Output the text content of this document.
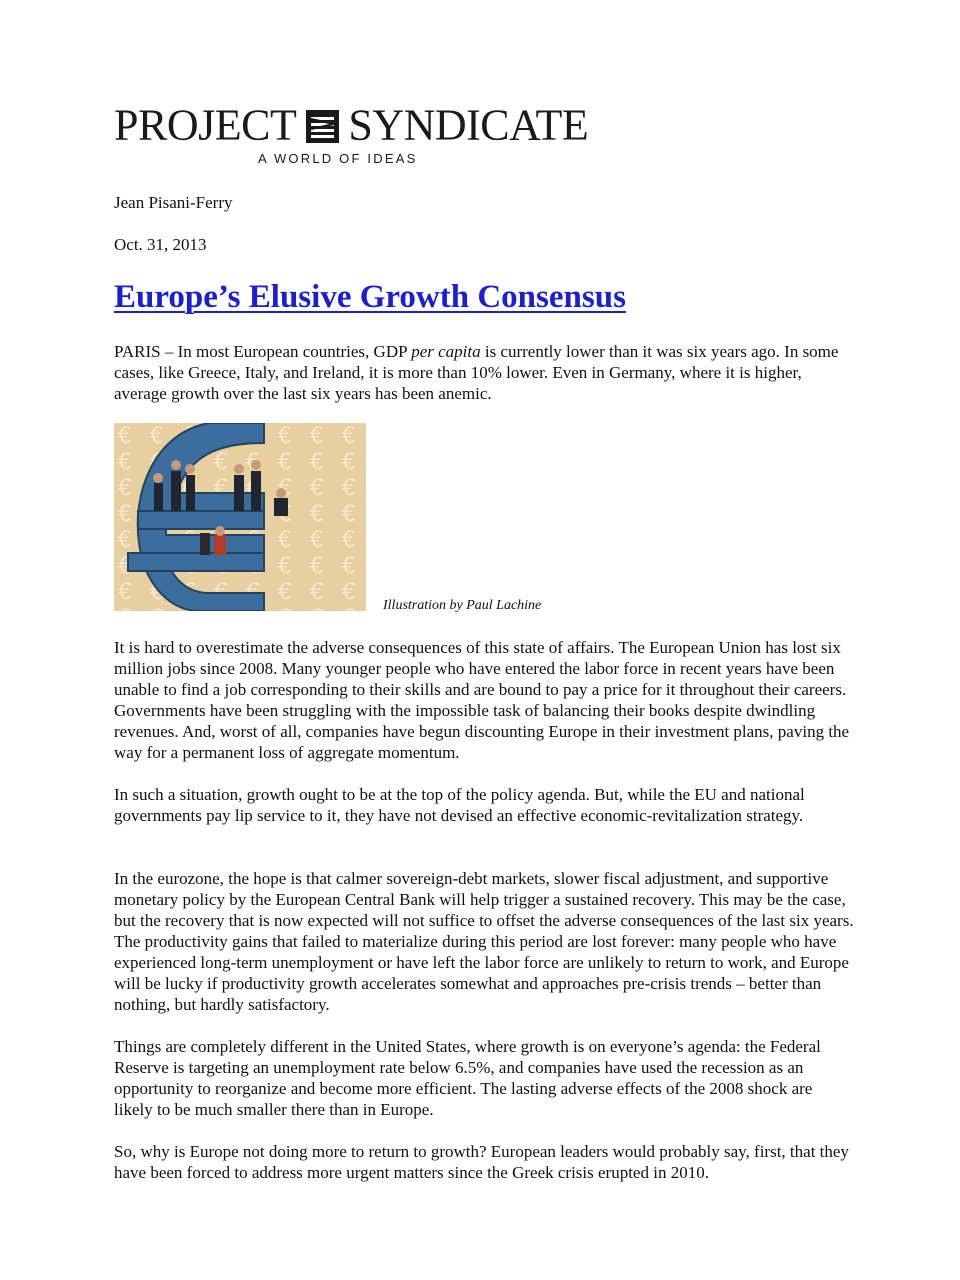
PROJECT SYNDICATE
A WORLD OF IDEAS
Jean Pisani-Ferry
Oct. 31, 2013
Europe’s Elusive Growth Consensus

PARIS – In most European countries, GDP per capita is currently lower than it was six years ago. In some cases, like Greece, Italy, and Ireland, it is more than 10% lower. Even in Germany, where it is higher, average growth over the last six years has been anemic.

Illustration by Paul Lachine

It is hard to overestimate the adverse consequences of this state of affairs. The European Union has lost six million jobs since 2008. Many younger people who have entered the labor force in recent years have been unable to find a job corresponding to their skills and are bound to pay a price for it throughout their careers. Governments have been struggling with the impossible task of balancing their books despite dwindling revenues. And, worst of all, companies have begun discounting Europe in their investment plans, paving the way for a permanent loss of aggregate momentum.

In such a situation, growth ought to be at the top of the policy agenda. But, while the EU and national governments pay lip service to it, they have not devised an effective economic-revitalization strategy.

In the eurozone, the hope is that calmer sovereign-debt markets, slower fiscal adjustment, and supportive monetary policy by the European Central Bank will help trigger a sustained recovery. This may be the case, but the recovery that is now expected will not suffice to offset the adverse consequences of the last six years. The productivity gains that failed to materialize during this period are lost forever: many people who have experienced long-term unemployment or have left the labor force are unlikely to return to work, and Europe will be lucky if productivity growth accelerates somewhat and approaches pre-crisis trends – better than nothing, but hardly satisfactory.

Things are completely different in the United States, where growth is on everyone’s agenda: the Federal Reserve is targeting an unemployment rate below 6.5%, and companies have used the recession as an opportunity to reorganize and become more efficient. The lasting adverse effects of the 2008 shock are likely to be much smaller there than in Europe.

So, why is Europe not doing more to return to growth? European leaders would probably say, first, that they have been forced to address more urgent matters since the Greek crisis erupted in 2010.
